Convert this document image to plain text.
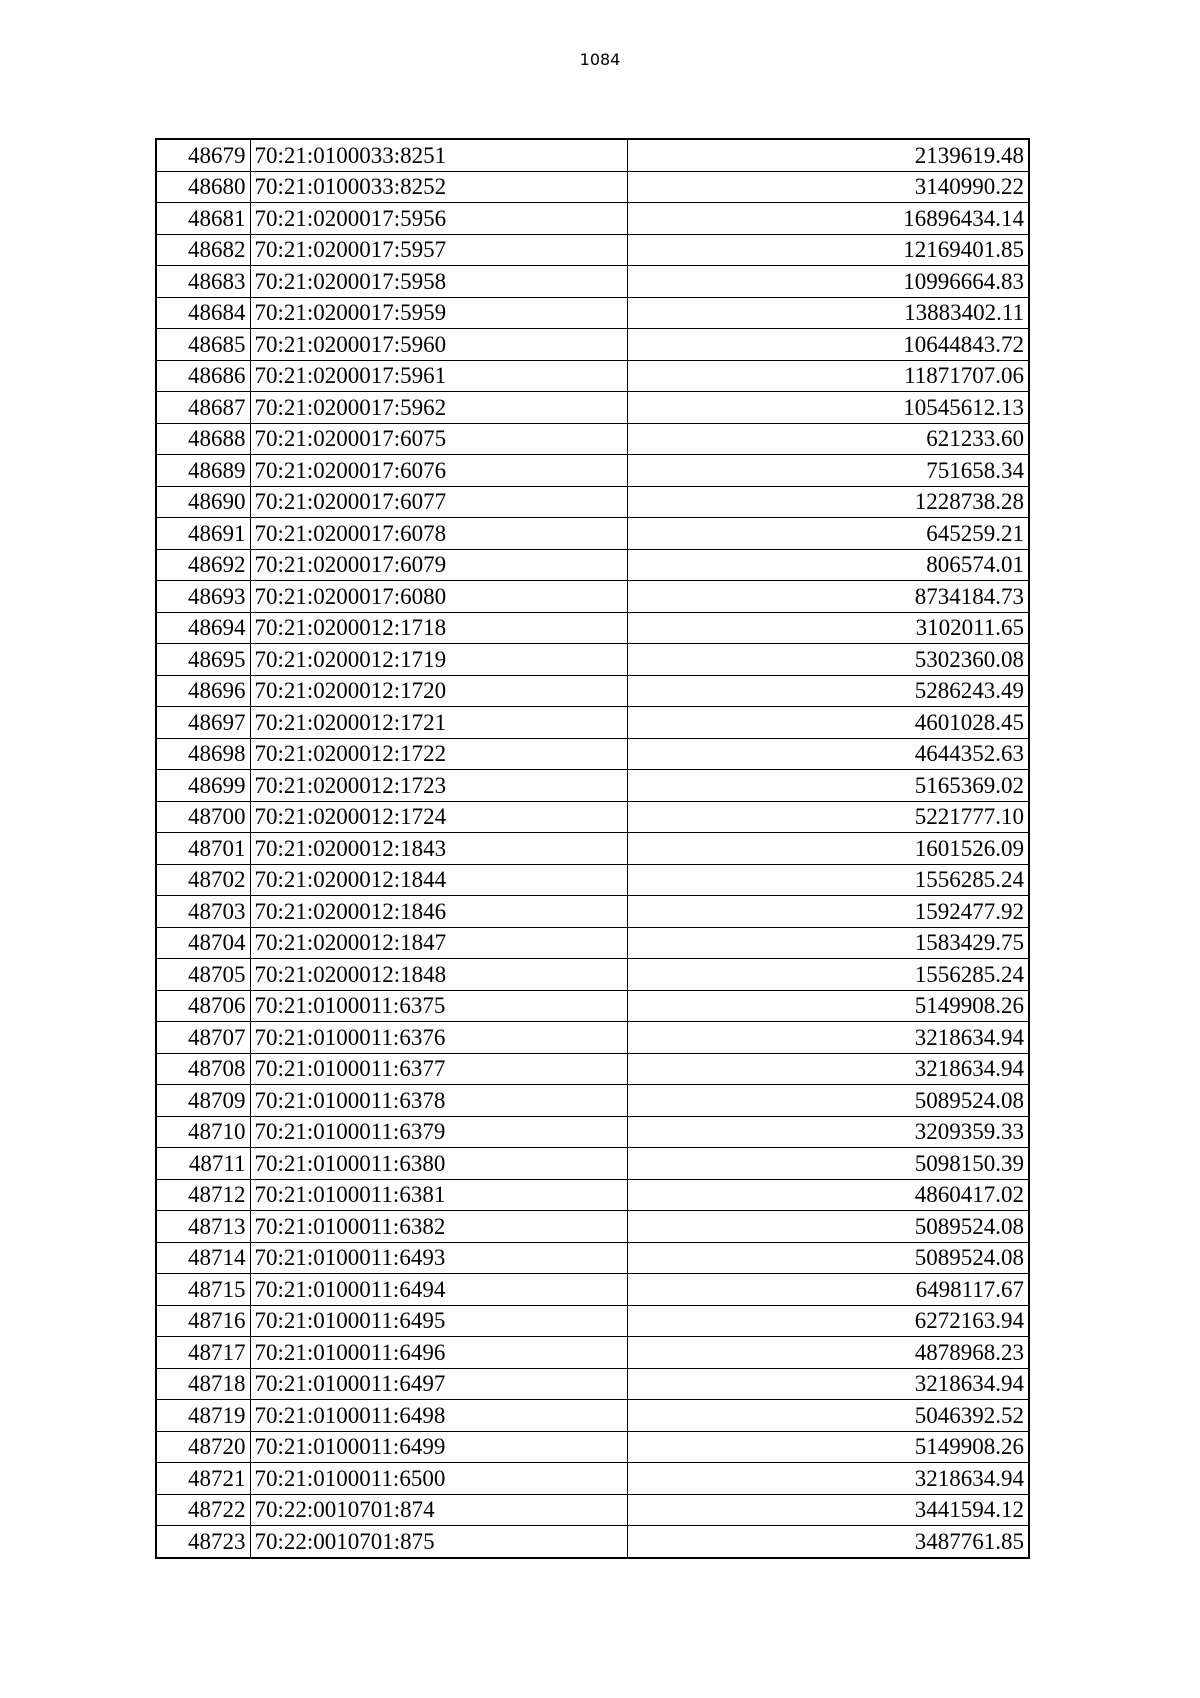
1084
48679	70:21:0100033:8251	2139619.48
48680	70:21:0100033:8252	3140990.22
48681	70:21:0200017:5956	16896434.14
48682	70:21:0200017:5957	12169401.85
48683	70:21:0200017:5958	10996664.83
48684	70:21:0200017:5959	13883402.11
48685	70:21:0200017:5960	10644843.72
48686	70:21:0200017:5961	11871707.06
48687	70:21:0200017:5962	10545612.13
48688	70:21:0200017:6075	621233.60
48689	70:21:0200017:6076	751658.34
48690	70:21:0200017:6077	1228738.28
48691	70:21:0200017:6078	645259.21
48692	70:21:0200017:6079	806574.01
48693	70:21:0200017:6080	8734184.73
48694	70:21:0200012:1718	3102011.65
48695	70:21:0200012:1719	5302360.08
48696	70:21:0200012:1720	5286243.49
48697	70:21:0200012:1721	4601028.45
48698	70:21:0200012:1722	4644352.63
48699	70:21:0200012:1723	5165369.02
48700	70:21:0200012:1724	5221777.10
48701	70:21:0200012:1843	1601526.09
48702	70:21:0200012:1844	1556285.24
48703	70:21:0200012:1846	1592477.92
48704	70:21:0200012:1847	1583429.75
48705	70:21:0200012:1848	1556285.24
48706	70:21:0100011:6375	5149908.26
48707	70:21:0100011:6376	3218634.94
48708	70:21:0100011:6377	3218634.94
48709	70:21:0100011:6378	5089524.08
48710	70:21:0100011:6379	3209359.33
48711	70:21:0100011:6380	5098150.39
48712	70:21:0100011:6381	4860417.02
48713	70:21:0100011:6382	5089524.08
48714	70:21:0100011:6493	5089524.08
48715	70:21:0100011:6494	6498117.67
48716	70:21:0100011:6495	6272163.94
48717	70:21:0100011:6496	4878968.23
48718	70:21:0100011:6497	3218634.94
48719	70:21:0100011:6498	5046392.52
48720	70:21:0100011:6499	5149908.26
48721	70:21:0100011:6500	3218634.94
48722	70:22:0010701:874	3441594.12
48723	70:22:0010701:875	3487761.85
